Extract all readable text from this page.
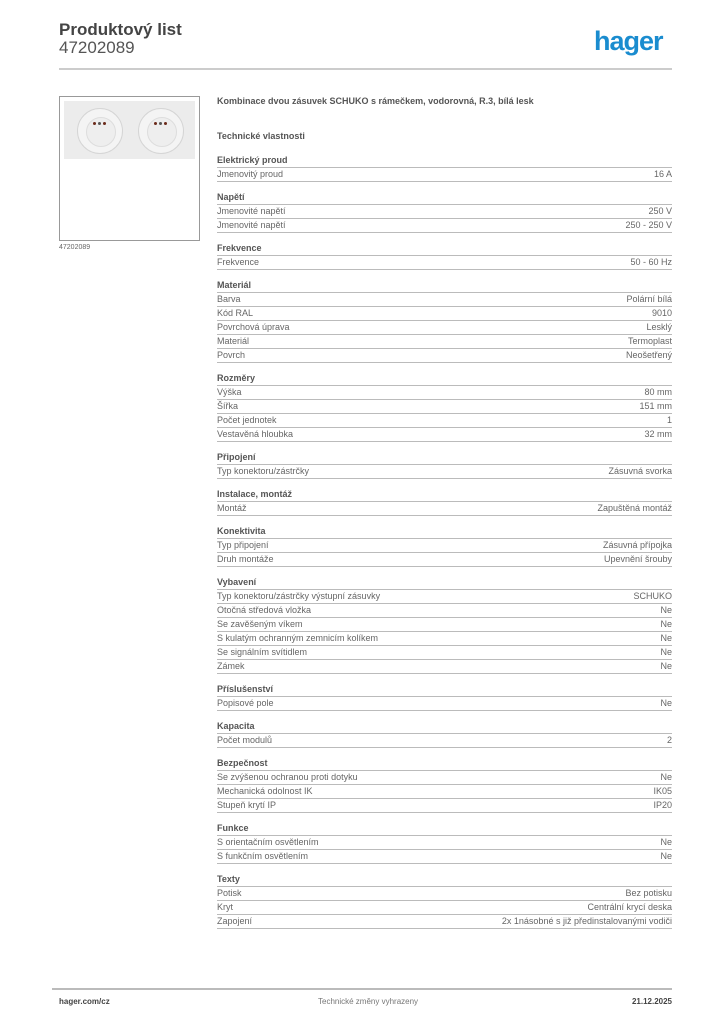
Produktový list
47202089	hager
47202089
Kombinace dvou zásuvek SCHUKO s rámečkem, vodorovná, R.3, bílá lesk
Technické vlastnosti
Elektrický proud
Jmenovitý proud	16 A
Napětí
Jmenovité napětí	250 V
Jmenovité napětí	250 - 250 V
Frekvence
Frekvence	50 - 60 Hz
Materiál
Barva	Polární bílá
Kód RAL	9010
Povrchová úprava	Lesklý
Materiál	Termoplast
Povrch	Neošetřený
Rozměry
Výška	80 mm
Šířka	151 mm
Počet jednotek	1
Vestavěná hloubka	32 mm
Připojení
Typ konektoru/zástrčky	Zásuvná svorka
Instalace, montáž
Montáž	Zapuštěná montáž
Konektivita
Typ připojení	Zásuvná přípojka
Druh montáže	Upevnění šrouby
Vybavení
Typ konektoru/zástrčky výstupní zásuvky	SCHUKO
Otočná středová vložka	Ne
Se zavěšeným víkem	Ne
S kulatým ochranným zemnicím kolíkem	Ne
Se signálním svítidlem	Ne
Zámek	Ne
Příslušenství
Popisové pole	Ne
Kapacita
Počet modulů	2
Bezpečnost
Se zvýšenou ochranou proti dotyku	Ne
Mechanická odolnost IK	IK05
Stupeň krytí IP	IP20
Funkce
S orientačním osvětlením	Ne
S funkčním osvětlením	Ne
Texty
Potisk	Bez potisku
Kryt	Centrální krycí deska
Zapojení	2x 1násobné s již předinstalovanými vodiči
hager.com/cz	Technické změny vyhrazeny	21.12.2025
